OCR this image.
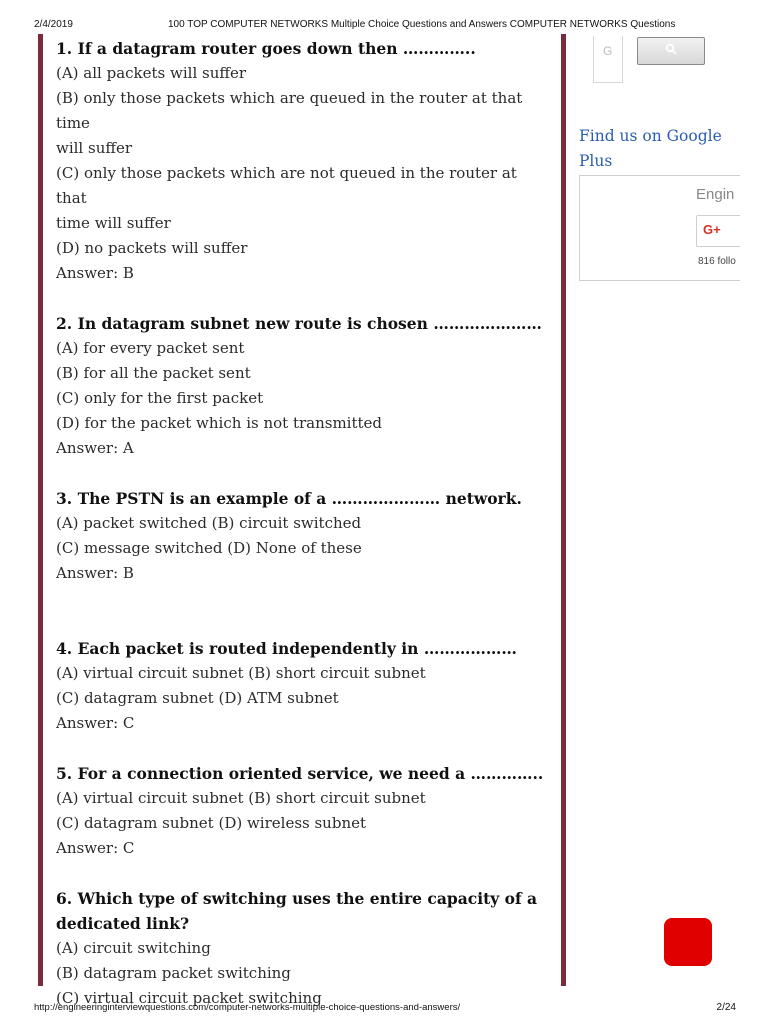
2/4/2019	100 TOP COMPUTER NETWORKS Multiple Choice Questions and Answers COMPUTER NETWORKS Questions
1. If a datagram router goes down then …………..
(A) all packets will suffer
(B) only those packets which are queued in the router at that time
will suffer
(C) only those packets which are not queued in the router at that
time will suffer
(D) no packets will suffer
Answer: B
2. In datagram subnet new route is chosen …………………
(A) for every packet sent
(B) for all the packet sent
(C) only for the first packet
(D) for the packet which is not transmitted
Answer: A
3. The PSTN is an example of a ………………… network.
(A) packet switched (B) circuit switched
(C) message switched (D) None of these
Answer: B
4. Each packet is routed independently in ………………
(A) virtual circuit subnet (B) short circuit subnet
(C) datagram subnet (D) ATM subnet
Answer: C
5. For a connection oriented service, we need a …………..
(A) virtual circuit subnet (B) short circuit subnet
(C) datagram subnet (D) wireless subnet
Answer: C
6. Which type of switching uses the entire capacity of a
dedicated link?
(A) circuit switching
(B) datagram packet switching
(C) virtual circuit packet switching
G
Find us on Google Plus
Engin
G+
816 follo
http://engineeringinterviewquestions.com/computer-networks-multiple-choice-questions-and-answers/	2/24
